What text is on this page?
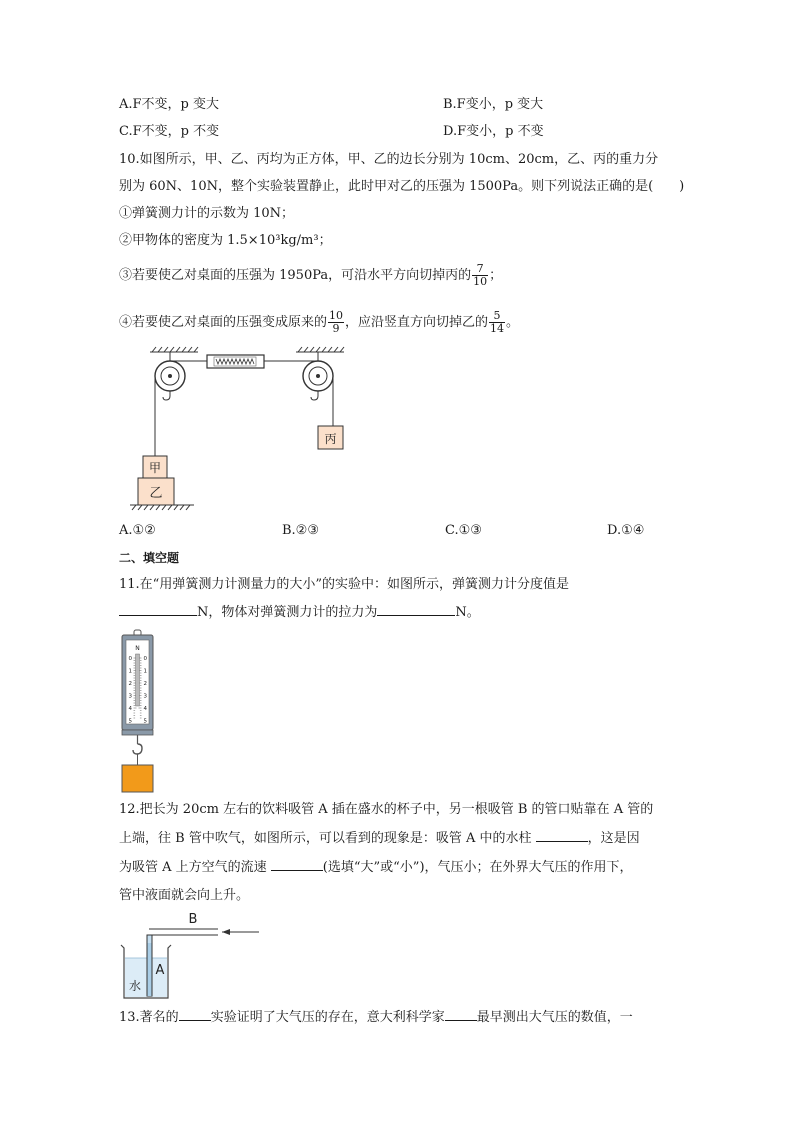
A.F不变，p 变大	B.F变小，p 变大
C.F不变，p 不变	D.F变小，p 不变
10.如图所示，甲、乙、丙均为正方体，甲、乙的边长分别为 10cm、20cm，乙、丙的重力分
别为 60N、10N，整个实验装置静止，此时甲对乙的压强为 1500Pa。则下列说法正确的是(　　)
①弹簧测力计的示数为 10N；
②甲物体的密度为 1.5×10³kg/m³；
③若要使乙对桌面的压强为 1950Pa，可沿水平方向切掉丙的 $\frac{7}{10}$ ；
④若要使乙对桌面的压强变成原来的 $\frac{10}{9}$ ，应沿竖直方向切掉乙的 $\frac{5}{14}$ 。
丙
甲
乙
A.①②	B.②③	C.①③	D.①④
二、填空题
11.在“用弹簧测力计测量力的大小”的实验中：如图所示，弹簧测力计分度值是
N，物体对弹簧测力计的拉力为	N。
N
0 0
1 1
2 2
3 3
4 4
5 5
12.把长为 20cm 左右的饮料吸管 A 插在盛水的杯子中，另一根吸管 B 的管口贴靠在 A 管的
上端，往 B 管中吹气，如图所示，可以看到的现象是：吸管 A 中的水柱	，这是因
为吸管 A 上方空气的流速	(选填“大”或“小”)，气压小；在外界大气压的作用下，
管中液面就会向上升。
B
A
水
13.著名的 实验证明了大气压的存在，意大利科学家 最早测出大气压的数值，一
